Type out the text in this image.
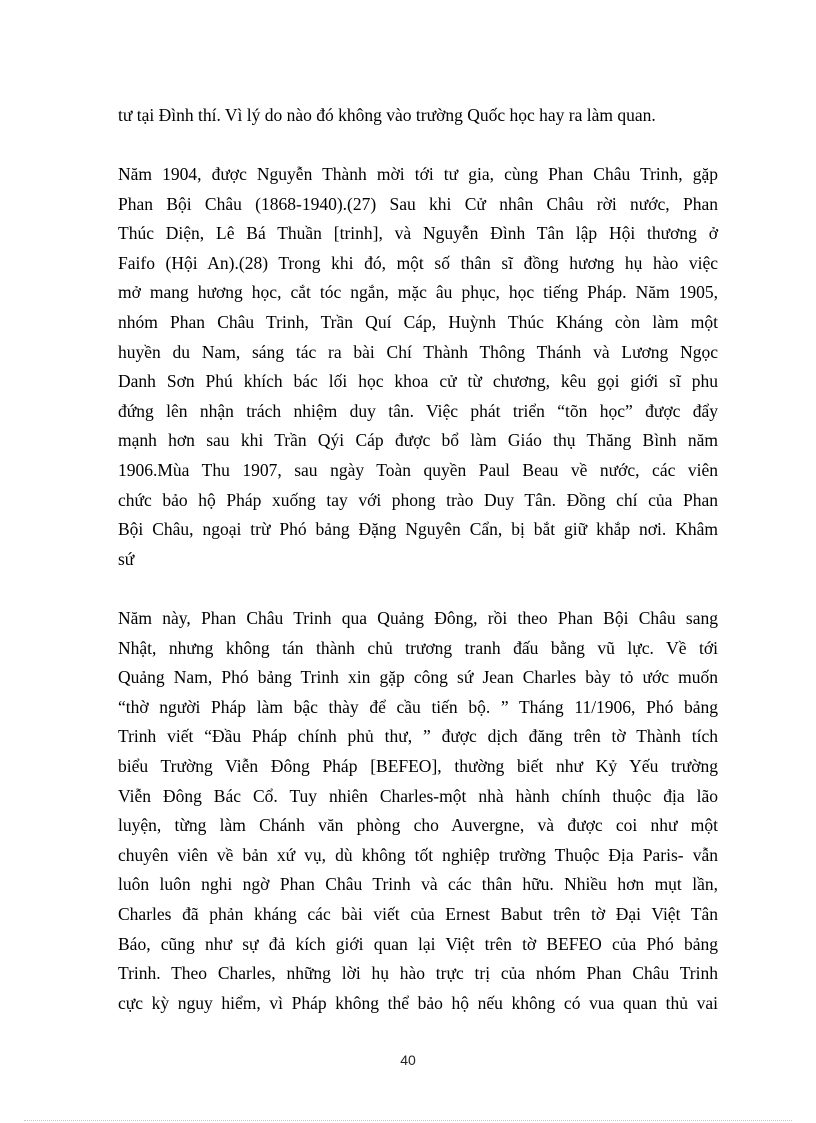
tư tại Đình thí. Vì lý do nào đó không vào trường Quốc học hay ra làm quan.
Năm 1904, được Nguyễn Thành mời tới tư gia, cùng Phan Châu Trinh, gặp
Phan Bội Châu (1868-1940).(27) Sau khi Cử nhân Châu rời nước, Phan
Thúc Diện, Lê Bá Thuần [trinh], và Nguyễn Đình Tân lập Hội thương ở
Faifo (Hội An).(28) Trong khi đó, một số thân sĩ đồng hương hụ hào việc
mở mang hương học, cắt tóc ngắn, mặc âu phục, học tiếng Pháp. Năm 1905,
nhóm Phan Châu Trinh, Trần Quí Cáp, Huỳnh Thúc Kháng còn làm một
huyền du Nam, sáng tác ra bài Chí Thành Thông Thánh và Lương Ngọc
Danh Sơn Phú khích bác lối học khoa cử từ chương, kêu gọi giới sĩ phu
đứng lên nhận trách nhiệm duy tân. Việc phát triển “tõn học” được đẩy
mạnh hơn sau khi Trần Qýi Cáp được bổ làm Giáo thụ Thăng Bình năm
1906.Mùa Thu 1907, sau ngày Toàn quyền Paul Beau về nước, các viên
chức bảo hộ Pháp xuống tay với phong trào Duy Tân. Đồng chí của Phan
Bội Châu, ngoại trừ Phó bảng Đặng Nguyên Cẩn, bị bắt giữ khắp nơi. Khâm
sứ
Năm này, Phan Châu Trinh qua Quảng Đông, rồi theo Phan Bội Châu sang
Nhật, nhưng không tán thành chủ trương tranh đấu bằng vũ lực. Về tới
Quảng Nam, Phó bảng Trinh xin gặp công sứ Jean Charles bày tỏ ước muốn
“thờ người Pháp làm bậc thày để cầu tiến bộ. ” Tháng 11/1906, Phó bảng
Trinh viết “Đầu Pháp chính phủ thư, ” được dịch đăng trên tờ Thành tích
biểu Trường Viễn Đông Pháp [BEFEO], thường biết như Kỷ Yếu trường
Viễn Đông Bác Cổ. Tuy nhiên Charles-một nhà hành chính thuộc địa lão
luyện, từng làm Chánh văn phòng cho Auvergne, và được coi như một
chuyên viên về bản xứ vụ, dù không tốt nghiệp trường Thuộc Địa Paris- vẫn
luôn luôn nghi ngờ Phan Châu Trinh và các thân hữu. Nhiều hơn mụt lần,
Charles đã phản kháng các bài viết của Ernest Babut trên tờ Đại Việt Tân
Báo, cũng như sự đả kích giới quan lại Việt trên tờ BEFEO của Phó bảng
Trinh. Theo Charles, những lời hụ hào trực trị của nhóm Phan Châu Trinh
cực kỳ nguy hiểm, vì Pháp không thể bảo hộ nếu không có vua quan thủ vai
40
